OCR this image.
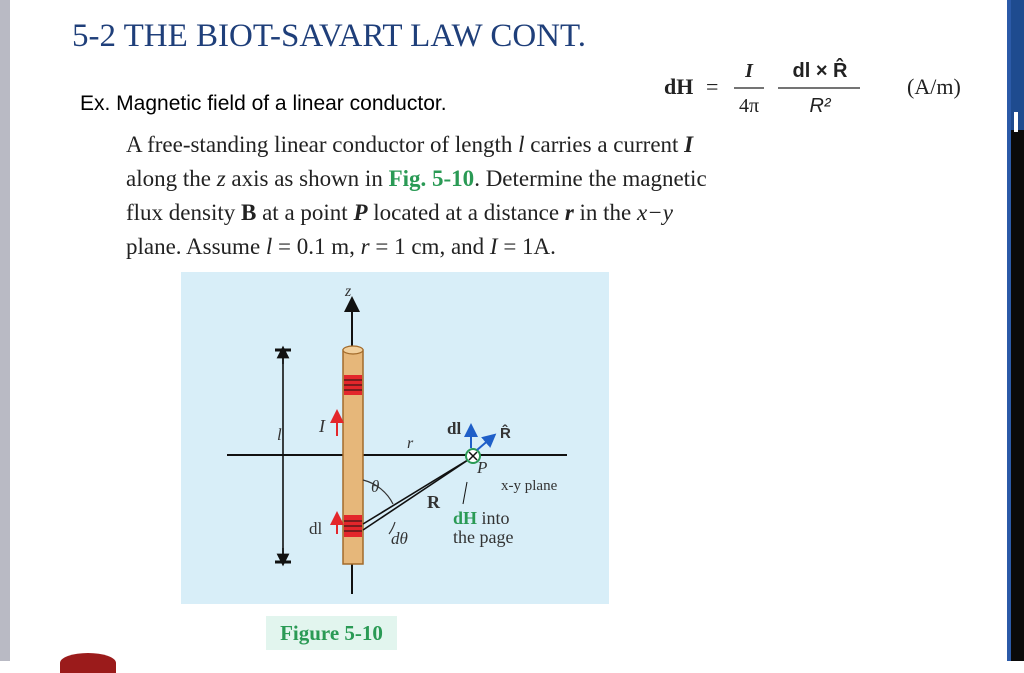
5-2 THE BIOT-SAVART LAW CONT.
Ex. Magnetic field of a linear conductor.
dH =
I
4π
dl × R̂
R²
(A/m)
A free-standing linear conductor of length l carries a current I
along the z axis as shown in Fig. 5-10. Determine the magnetic
flux density B at a point P located at a distance r in the x−y
plane. Assume l = 0.1 m, r = 1 cm, and I = 1A.
z
l I
dl
r
θ
dθ
R
P
dl	R̂
x-y plane
dH into
the page
Figure 5-10
